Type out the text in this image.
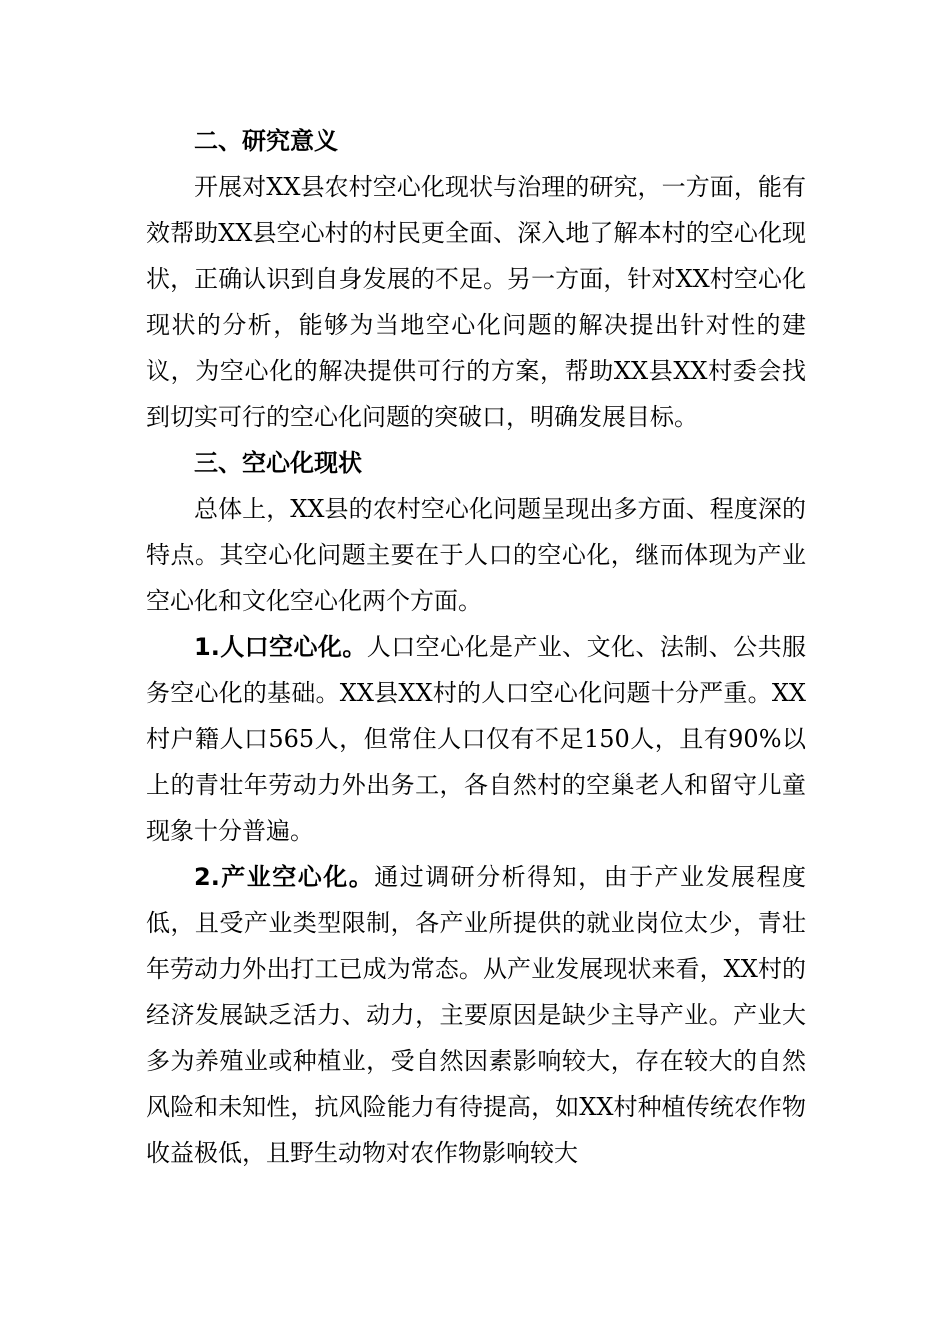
二、研究意义

开展对XX县农村空心化现状与治理的研究，一方面，能有效帮助XX县空心村的村民更全面、深入地了解本村的空心化现状，正确认识到自身发展的不足。另一方面，针对XX村空心化现状的分析，能够为当地空心化问题的解决提出针对性的建议，为空心化的解决提供可行的方案，帮助XX县XX村委会找到切实可行的空心化问题的突破口，明确发展目标。

三、空心化现状

总体上，XX县的农村空心化问题呈现出多方面、程度深的特点。其空心化问题主要在于人口的空心化，继而体现为产业空心化和文化空心化两个方面。

1.人口空心化。人口空心化是产业、文化、法制、公共服务空心化的基础。XX县XX村的人口空心化问题十分严重。XX村户籍人口565人，但常住人口仅有不足150人，且有90%以上的青壮年劳动力外出务工，各自然村的空巢老人和留守儿童现象十分普遍。

2.产业空心化。通过调研分析得知，由于产业发展程度低，且受产业类型限制，各产业所提供的就业岗位太少，青壮年劳动力外出打工已成为常态。从产业发展现状来看，XX村的经济发展缺乏活力、动力，主要原因是缺少主导产业。产业大多为养殖业或种植业，受自然因素影响较大，存在较大的自然风险和未知性，抗风险能力有待提高，如XX村种植传统农作物收益极低，且野生动物对农作物影响较大
